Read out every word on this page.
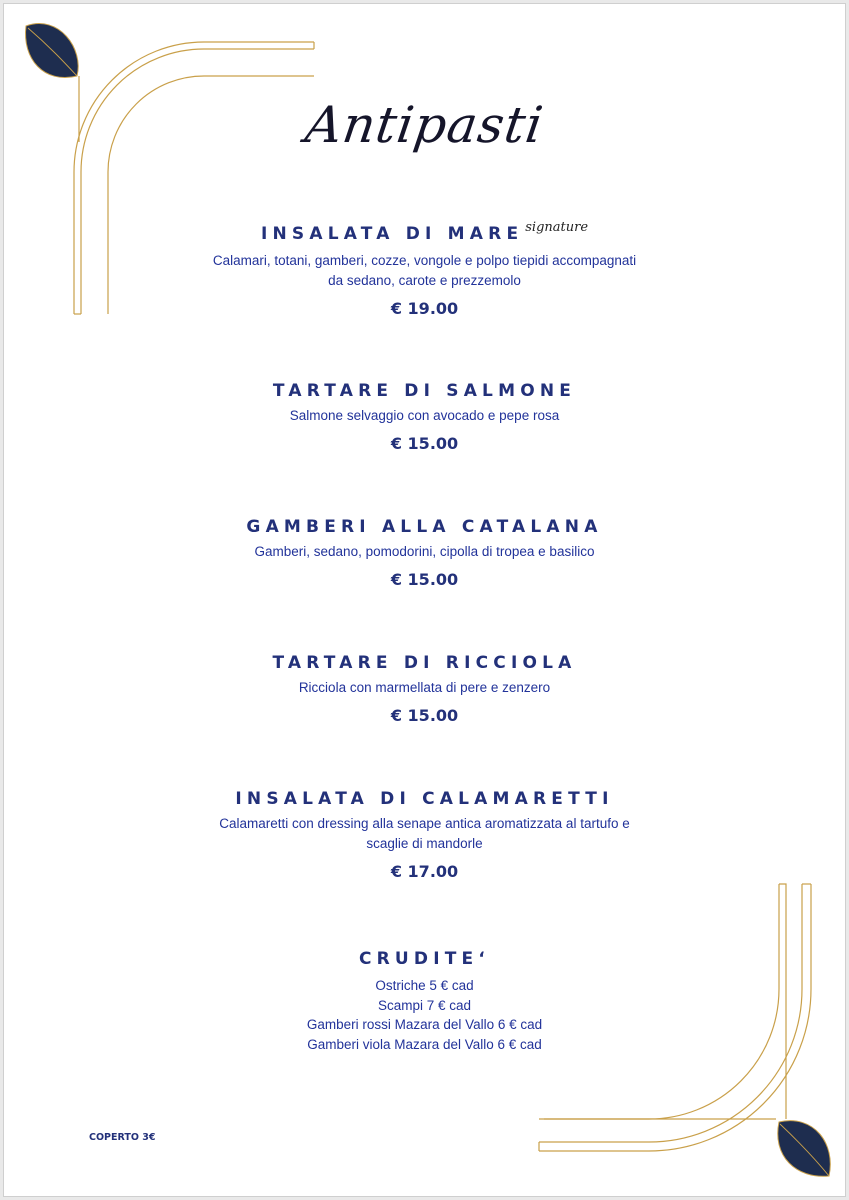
Antipasti
INSALATA DI MARE $^{signature}$
Calamari, totani, gamberi, cozze, vongole e polpo tiepidi accompagnati
da sedano, carote e prezzemolo
€ 19.00
TARTARE DI SALMONE
Salmone selvaggio con avocado e pepe rosa
€ 15.00
GAMBERI ALLA CATALANA
Gamberi, sedano, pomodorini, cipolla di tropea e basilico
€ 15.00
TARTARE DI RICCIOLA
Ricciola con marmellata di pere e zenzero
€ 15.00
INSALATA DI CALAMARETTI
Calamaretti con dressing alla senape antica aromatizzata al tartufo e
scaglie di mandorle
€ 17.00
CRUDITE‘
Ostriche 5 € cad
Scampi 7 € cad
Gamberi rossi Mazara del Vallo 6 € cad
Gamberi viola Mazara del Vallo 6 € cad
COPERTO 3€
